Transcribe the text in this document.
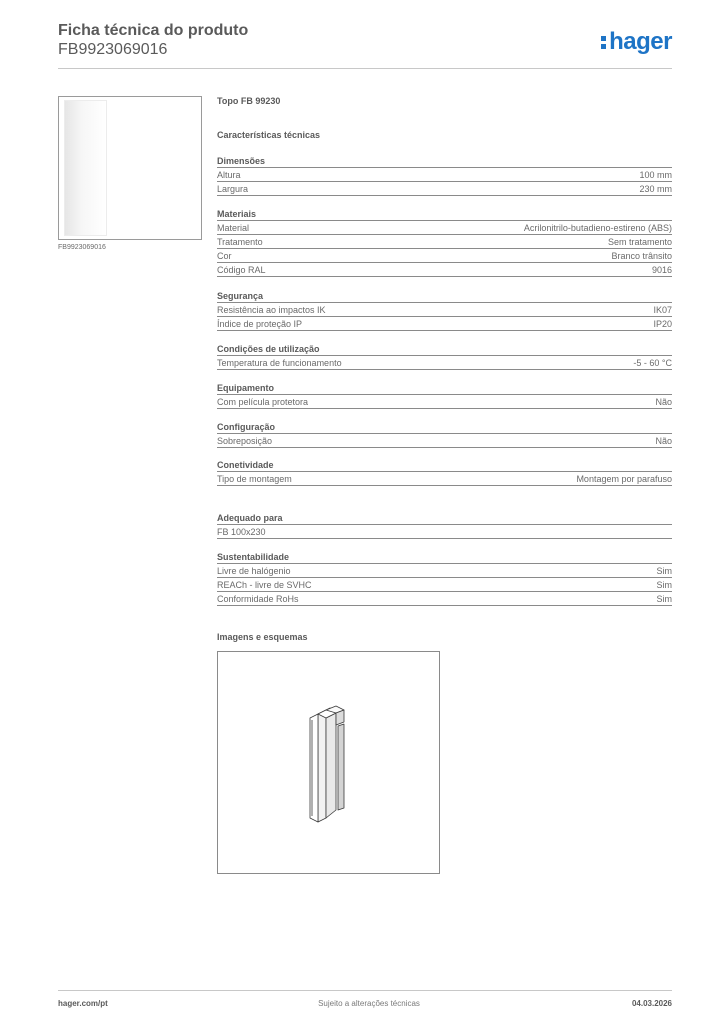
Ficha técnica do produto
FB9923069016	hager
FB9923069016
Topo FB 99230
Características técnicas
Dimensões
Altura	100 mm
Largura	230 mm
Materiais
Material	Acrilonitrilo-butadieno-estireno (ABS)
Tratamento	Sem tratamento
Cor	Branco trânsito
Código RAL	9016
Segurança
Resistência ao impactos IK	IK07
Índice de proteção IP	IP20
Condições de utilização
Temperatura de funcionamento	-5 - 60 °C
Equipamento
Com película protetora	Não
Configuração
Sobreposição	Não
Conetividade
Tipo de montagem	Montagem por parafuso
Adequado para
FB 100x230
Sustentabilidade
Livre de halógenio	Sim
REACh - livre de SVHC	Sim
Conformidade RoHs	Sim
Imagens e esquemas
hager.com/pt	Sujeito a alterações técnicas	04.03.2026
